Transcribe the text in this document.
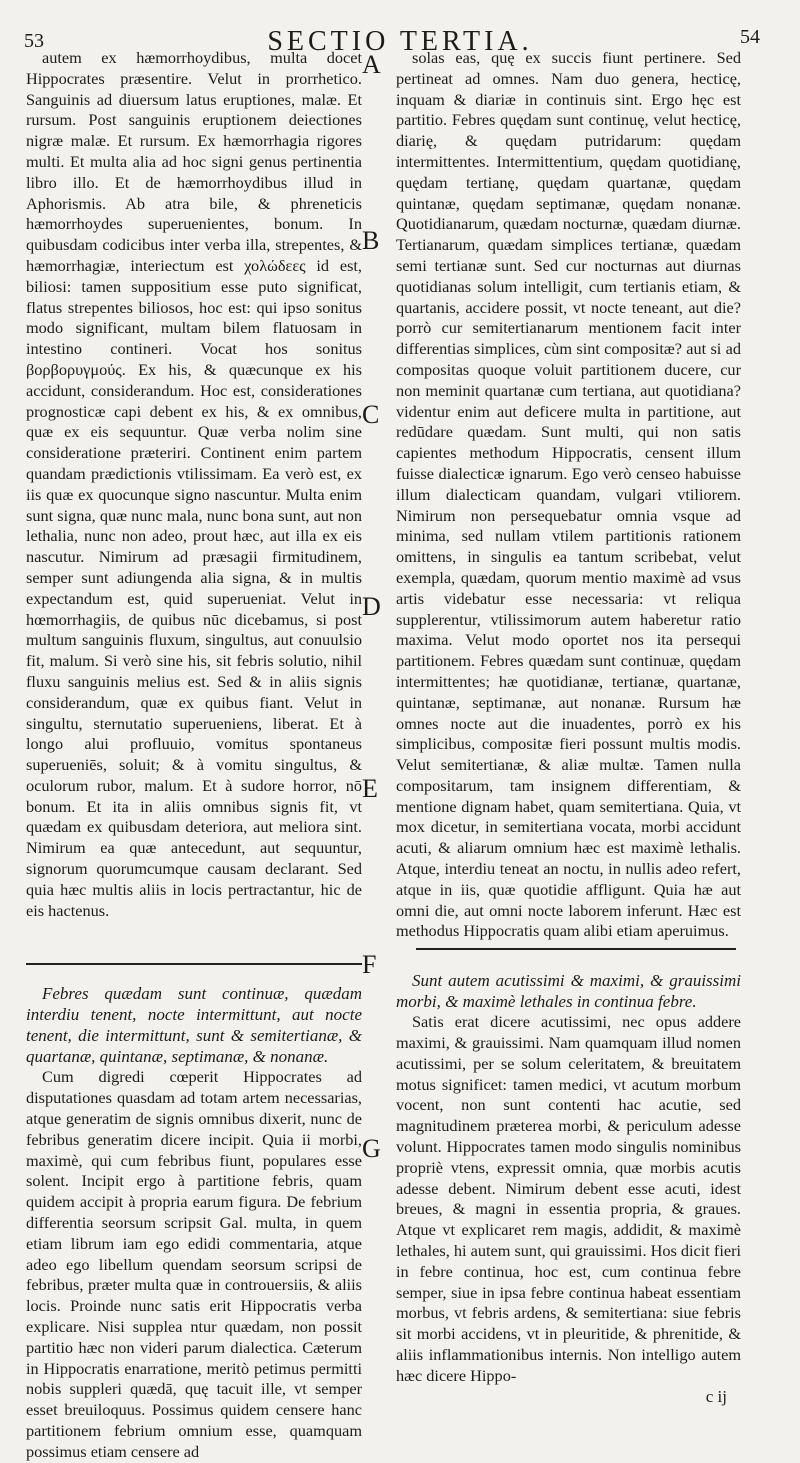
53	SECTIO TERTIA.	54

autem ex hæmorrhoydibus, multa docet Hippocrates præsentire. Velut in prorrhetico. Sanguinis ad diuersum latus eruptiones, malæ. Et rursum. Post sanguinis eruptionem deiectiones nigræ malæ. Et rursum. Ex hæmorrhagia rigores multi. Et multa alia ad hoc signi genus pertinentia libro illo. Et de hæmorrhoydibus illud in Aphorismis. Ab atra bile, & phreneticis hæmorrhoydes superuenientes, bonum. In quibusdam codicibus inter verba illa, strepentes, & hæmorrhagiæ, interiectum est χολώδεες id est, biliosi: tamen suppositium esse puto significat, flatus strepentes biliosos, hoc est: qui ipso sonitus modo significant, multam bilem flatuosam in intestino contineri. Vocat hos sonitus βορβορυγμούς. Ex his, & quæcunque ex his accidunt, considerandum. Hoc est, considerationes prognosticæ capi debent ex his, & ex omnibus, quæ ex eis sequuntur. Quæ verba nolim sine consideratione præteriri. Continent enim partem quandam prædictionis vtilissimam. Ea verò est, ex iis quæ ex quocunque signo nascuntur. Multa enim sunt signa, quæ nunc mala, nunc bona sunt, aut non lethalia, nunc non adeo, prout hæc, aut illa ex eis nascutur. Nimirum ad præsagii firmitudinem, semper sunt adiungenda alia signa, & in multis expectandum est, quid superueniat. Velut in hœmorrhagiis, de quibus nūc dicebamus, si post multum sanguinis fluxum, singultus, aut conuulsio fit, malum. Si verò sine his, sit febris solutio, nihil fluxu sanguinis melius est. Sed & in aliis signis considerandum, quæ ex quibus fiant. Velut in singultu, sternutatio superueniens, liberat. Et à longo alui profluuio, vomitus spontaneus superueniēs, soluit; & à vomitu singultus, & oculorum rubor, malum. Et à sudore horror, nō bonum. Et ita in aliis omnibus signis fit, vt quædam ex quibusdam deteriora, aut meliora sint. Nimirum ea quæ antecedunt, aut sequuntur, signorum quorumcumque causam declarant. Sed quia hæc multis aliis in locis pertractantur, hic de eis hactenus.

Febres quædam sunt continuæ, quædam interdiu tenent, nocte intermittunt, aut nocte tenent, die intermittunt, sunt & semitertianæ, & quartanæ, quintanæ, septimanæ, & nonanæ.

Cum digredi cœperit Hippocrates ad disputationes quasdam ad totam artem necessarias, atque generatim de signis omnibus dixerit, nunc de febribus generatim dicere incipit. Quia ii morbi, maximè, qui cum febribus fiunt, populares esse solent. Incipit ergo à partitione febris, quam quidem accipit à propria earum figura. De febrium differentia seorsum scripsit Gal. multa, in quem etiam librum iam ego edidi commentaria, atque adeo ego libellum quendam seorsum scripsi de febribus, præter multa quæ in controuersiis, & aliis locis. Proinde nunc satis erit Hippocratis verba explicare. Nisi supplea ntur quædam, non possit partitio hæc non videri parum dialectica. Cæterum in Hippocratis enarratione, meritò petimus permitti nobis suppleri quædā, quę tacuit ille, vt semper esset breuiloquus. Possimus quidem censere hanc partitionem febrium omnium esse, quamquam possimus etiam censere ad

A
B
C
D
E
F
G

solas eas, quę ex succis fiunt pertinere. Sed pertineat ad omnes. Nam duo genera, hecticę, inquam & diariæ in continuis sint. Ergo hęc est partitio. Febres quędam sunt continuę, velut hecticę, diarię, & quędam putridarum: quędam intermittentes. Intermittentium, quędam quotidianę, quędam tertianę, quędam quartanæ, quędam quintanæ, quędam septimanæ, quędam nonanæ. Quotidianarum, quædam nocturnæ, quædam diurnæ. Tertianarum, quædam simplices tertianæ, quædam semi tertianæ sunt. Sed cur nocturnas aut diurnas quotidianas solum intelligit, cum tertianis etiam, & quartanis, accidere possit, vt nocte teneant, aut die? porrò cur semitertianarum mentionem facit inter differentias simplices, cùm sint compositæ? aut si ad compositas quoque voluit partitionem ducere, cur non meminit quartanæ cum tertiana, aut quotidiana? videntur enim aut deficere multa in partitione, aut redūdare quædam. Sunt multi, qui non satis capientes methodum Hippocratis, censent illum fuisse dialecticæ ignarum. Ego verò censeo habuisse illum dialecticam quandam, vulgari vtiliorem. Nimirum non persequebatur omnia vsque ad minima, sed nullam vtilem partitionis rationem omittens, in singulis ea tantum scribebat, velut exempla, quædam, quorum mentio maximè ad vsus artis videbatur esse necessaria: vt reliqua supplerentur, vtilissimorum autem haberetur ratio maxima. Velut modo oportet nos ita persequi partitionem. Febres quædam sunt continuæ, quędam intermittentes; hæ quotidianæ, tertianæ, quartanæ, quintanæ, septimanæ, aut nonanæ. Rursum hæ omnes nocte aut die inuadentes, porrò ex his simplicibus, compositæ fieri possunt multis modis. Velut semitertianæ, & aliæ multæ. Tamen nulla compositarum, tam insignem differentiam, & mentione dignam habet, quam semitertiana. Quia, vt mox dicetur, in semitertiana vocata, morbi accidunt acuti, & aliarum omnium hæc est maximè lethalis. Atque, interdiu teneat an noctu, in nullis adeo refert, atque in iis, quæ quotidie affligunt. Quia hæ aut omni die, aut omni nocte laborem inferunt. Hæc est methodus Hippocratis quam alibi etiam aperuimus.

Sunt autem acutissimi & maximi, & grauissimi morbi, & maximè lethales in continua febre.

Satis erat dicere acutissimi, nec opus addere maximi, & grauissimi. Nam quamquam illud nomen acutissimi, per se solum celeritatem, & breuitatem motus significet: tamen medici, vt acutum morbum vocent, non sunt contenti hac acutie, sed magnitudinem præterea morbi, & periculum adesse volunt. Hippocrates tamen modo singulis nominibus propriè vtens, expressit omnia, quæ morbis acutis adesse debent. Nimirum debent esse acuti, idest breues, & magni in essentia propria, & graues. Atque vt explicaret rem magis, addidit, & maximè lethales, hi autem sunt, qui grauissimi. Hos dicit fieri in febre continua, hoc est, cum continua febre semper, siue in ipsa febre continua habeat essentiam morbus, vt febris ardens, & semitertiana: siue febris sit morbi accidens, vt in pleuritide, & phrenitide, & aliis inflammationibus internis. Non intelligo autem hæc dicere Hippo-

c ij
